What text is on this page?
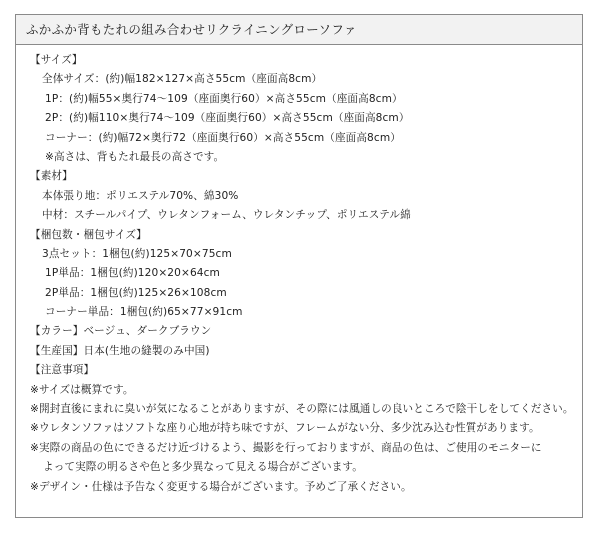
ふかふか背もたれの組み合わせリクライニングローソファ
【サイズ】
全体サイズ：(約)幅182×127×高さ55cm（座面高8cm）
1P：(約)幅55×奥行74～109（座面奥行60）×高さ55cm（座面高8cm）
2P：(約)幅110×奥行74～109（座面奥行60）×高さ55cm（座面高8cm）
コーナー：(約)幅72×奥行72（座面奥行60）×高さ55cm（座面高8cm）
※高さは、背もたれ最長の高さです。
【素材】
本体張り地：ポリエステル70%、綿30%
中材：スチールパイプ、ウレタンフォーム、ウレタンチップ、ポリエステル綿
【梱包数・梱包サイズ】
3点セット：1梱包(約)125×70×75cm
1P単品：1梱包(約)120×20×64cm
2P単品：1梱包(約)125×26×108cm
コーナー単品：1梱包(約)65×77×91cm
【カラー】ベージュ、ダークブラウン
【生産国】日本(生地の縫製のみ中国)
【注意事項】
※サイズは概算です。
※開封直後にまれに臭いが気になることがありますが、その際には風通しの良いところで陰干しをしてください。
※ウレタンソファはソフトな座り心地が持ち味ですが、フレームがない分、多少沈み込む性質があります。
※実際の商品の色にできるだけ近づけるよう、撮影を行っておりますが、商品の色は、ご使用のモニターに
よって実際の明るさや色と多少異なって見える場合がございます。
※デザイン・仕様は予告なく変更する場合がございます。予めご了承ください。
